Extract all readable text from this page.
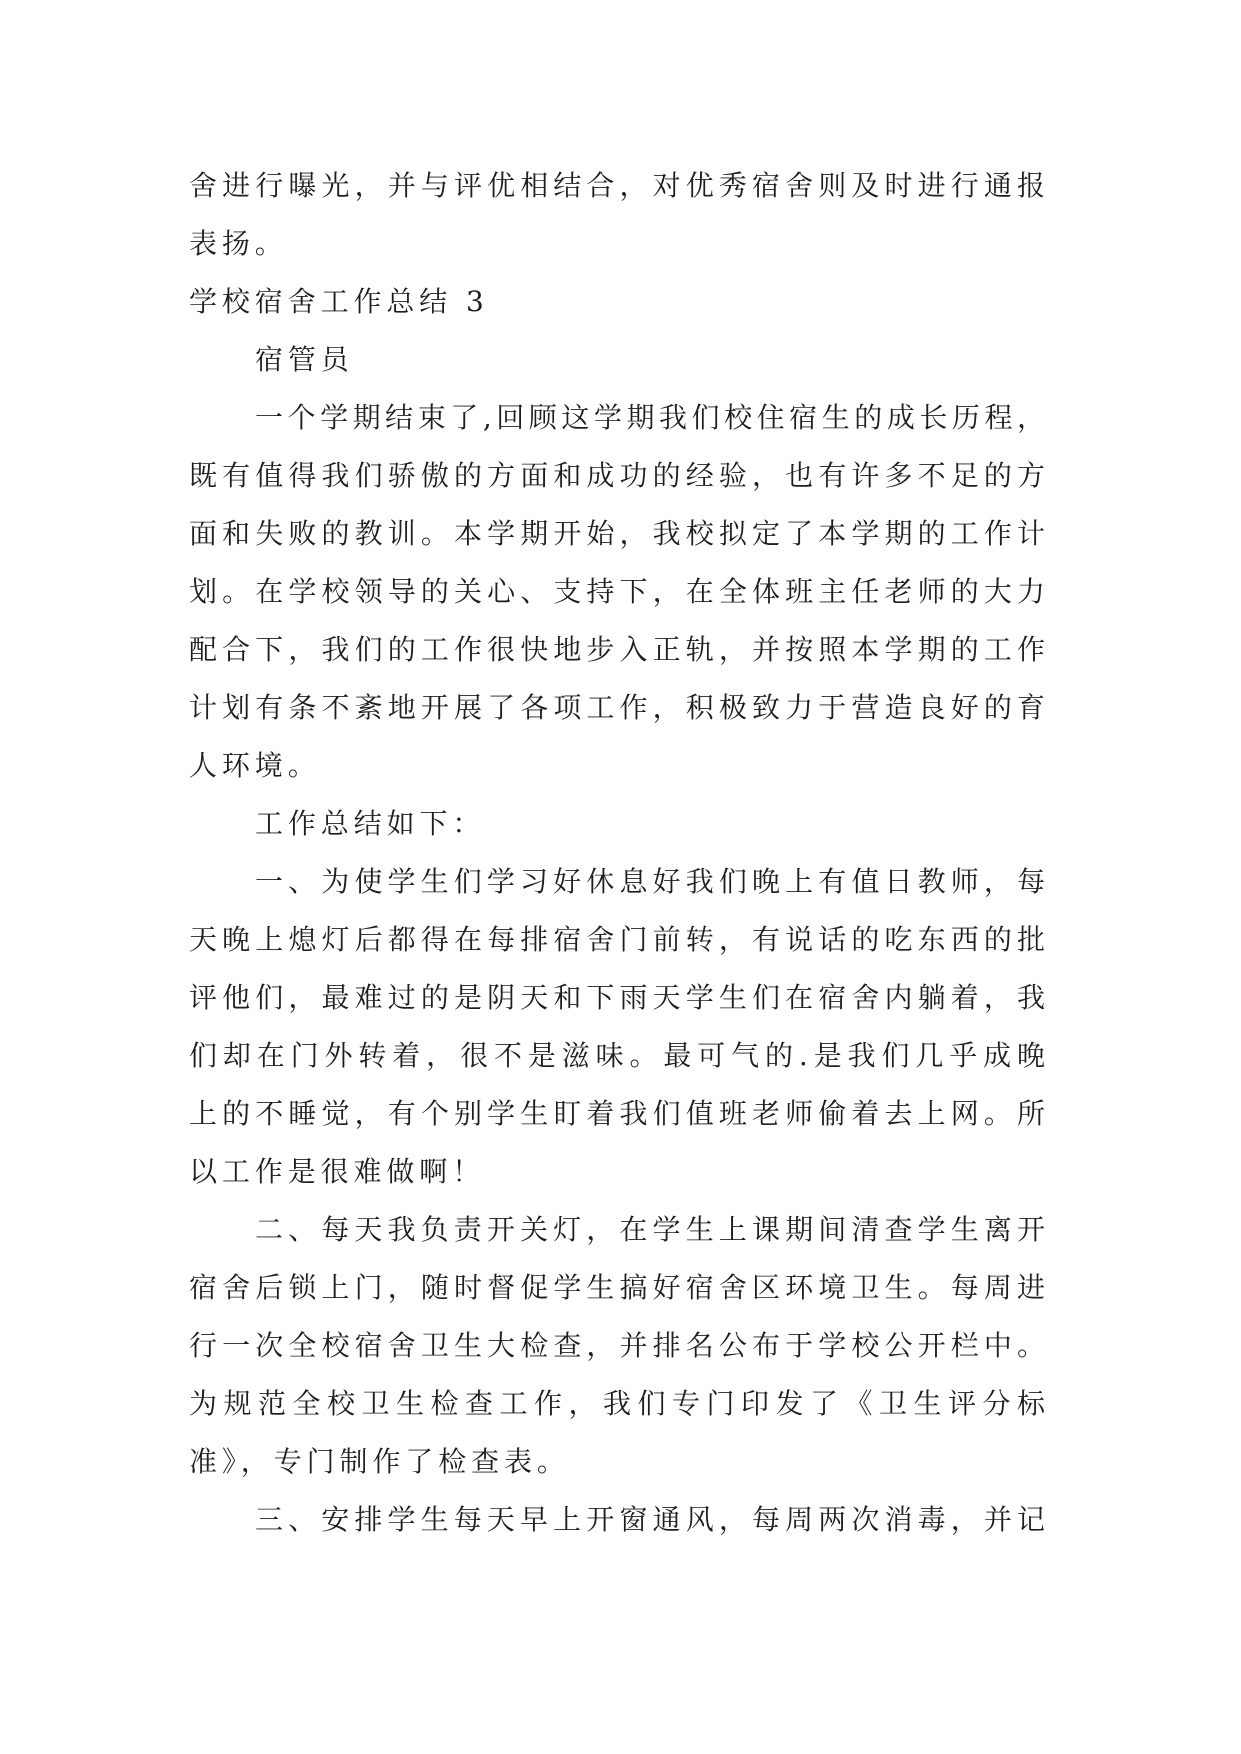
舍进行曝光，并与评优相结合，对优秀宿舍则及时进行通报
表扬。
学校宿舍工作总结 3
宿管员
一个学期结束了,回顾这学期我们校住宿生的成长历程，
既有值得我们骄傲的方面和成功的经验，也有许多不足的方
面和失败的教训。本学期开始，我校拟定了本学期的工作计
划。在学校领导的关心、支持下，在全体班主任老师的大力
配合下，我们的工作很快地步入正轨，并按照本学期的工作
计划有条不紊地开展了各项工作，积极致力于营造良好的育
人环境。
工作总结如下：
一、为使学生们学习好休息好我们晚上有值日教师，每
天晚上熄灯后都得在每排宿舍门前转，有说话的吃东西的批
评他们，最难过的是阴天和下雨天学生们在宿舍内躺着，我
们却在门外转着，很不是滋味。最可气的.是我们几乎成晚
上的不睡觉，有个别学生盯着我们值班老师偷着去上网。所
以工作是很难做啊！
二、每天我负责开关灯，在学生上课期间清查学生离开
宿舍后锁上门，随时督促学生搞好宿舍区环境卫生。每周进
行一次全校宿舍卫生大检查，并排名公布于学校公开栏中。
为规范全校卫生检查工作，我们专门印发了《卫生评分标
准》，专门制作了检查表。
三、安排学生每天早上开窗通风，每周两次消毒，并记
